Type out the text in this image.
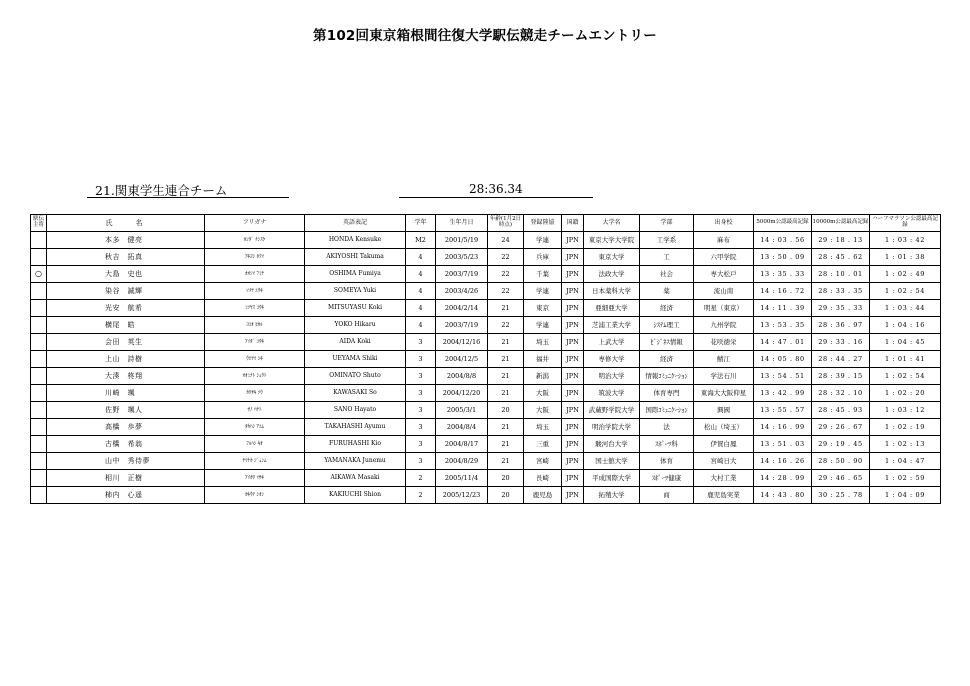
第102回東京箱根間往復大学駅伝競走チームエントリー
21.関東学生連合チーム	28:36.34
駅伝主将	氏　　名	フリガナ	英語表記	学年	生年月日	年齢(1月2日時点)	登録陸協	国籍	大学名	学部	出身校	5000m公認最高記録	10000m公認最高記録	ハーフマラソン公認最高記録
	本多　健亮	ﾎﾝﾀﾞ ｹﾝｽｹ	HONDA Kensuke	M2	2001/5/19	24	学連	JPN	東京大学大学院	工学系	麻布	14 : 03 . 56	29 : 18 . 13	1 : 03 : 42
	秋吉　拓真	ｱｷﾖｼ ﾀｸﾏ	AKIYOSHI Takuma	4	2003/5/23	22	兵庫	JPN	東京大学	工	六甲学院	13 : 50 . 09	28 : 45 . 62	1 : 01 : 38
○	大島　史也	ｵｵｼﾏ ﾌﾐﾔ	OSHIMA Fumiya	4	2003/7/19	22	千葉	JPN	法政大学	社会	専大松戸	13 : 35 . 33	28 : 10 . 01	1 : 02 : 49
	染谷　誠輝	ｿﾒﾔ ﾕｳｷ	SOMEYA Yuki	4	2003/4/26	22	学連	JPN	日本薬科大学	薬	流山南	14 : 16 . 72	28 : 33 . 35	1 : 02 : 54
	光安　航希	ﾐﾂﾔｽ ｺｳｷ	MITSUYASU Koki	4	2004/2/14	21	東京	JPN	亜細亜大学	経済	明星（東京）	14 : 11 . 39	29 : 35 . 33	1 : 03 : 44
	横尾　皓	ﾖｺｵ ﾋｶﾙ	YOKO Hikaru	4	2003/7/19	22	学連	JPN	芝浦工業大学	ｼｽﾃﾑ理工	九州学院	13 : 53 . 35	28 : 36 . 97	1 : 04 : 16
	会田　英生	ｱｲﾀﾞ ｺｳｷ	AIDA Koki	3	2004/12/16	21	埼玉	JPN	上武大学	ﾋﾞｼﾞﾈｽ情報	花咲徳栄	14 : 47 . 01	29 : 33 . 16	1 : 04 : 45
	上山　詩樹	ｳｴﾔﾏ ｼｷ	UEYAMA Shiki	3	2004/12/5	21	福井	JPN	専修大学	経済	鯖江	14 : 05 . 80	28 : 44 . 27	1 : 01 : 41
	大湊　柊翔	ｵｵﾐﾅﾄ ｼｭｳﾄ	OMINATO Shuto	3	2004/8/8	21	新潟	JPN	明治大学	情報ｺﾐｭﾆｹｰｼｮﾝ	学法石川	13 : 54 . 51	28 : 39 . 15	1 : 02 : 54
	川崎　颯	ｶﾜｻｷ ｿｳ	KAWASAKI So	3	2004/12/20	21	大阪	JPN	筑波大学	体育専門	東海大大阪仰星	13 : 42 . 99	28 : 32 . 10	1 : 02 : 20
	佐野　颯人	ｻﾉ ﾊﾔﾄ	SANO Hayato	3	2005/3/1	20	大阪	JPN	武蔵野学院大学	国際ｺﾐｭﾆｹｰｼｮﾝ	興國	13 : 55 . 57	28 : 45 . 93	1 : 03 : 12
	高橋　歩夢	ﾀｶﾊｼ ｱﾕﾑ	TAKAHASHI Ayumu	3	2004/8/4	21	埼玉	JPN	明治学院大学	法	松山（埼玉）	14 : 16 . 99	29 : 26 . 67	1 : 02 : 19
	古橋　希翁	ﾌﾙﾊｼ ｷｵ	FURUHASHI Kio	3	2004/8/17	21	三重	JPN	駿河台大学	ｽﾎﾟｰﾂ科	伊賀白鳳	13 : 51 . 03	29 : 19 . 45	1 : 02 : 13
	山中　秀侍夢	ﾔﾏﾅｶ ｼﾞｭﾝﾑ	YAMANAKA Junemu	3	2004/8/29	21	宮崎	JPN	国士舘大学	体育	宮崎日大	14 : 16 . 26	28 : 50 . 90	1 : 04 : 47
	相川　正樹	ｱｲｶﾜ ﾏｻｷ	AIKAWA Masaki	2	2005/11/4	20	長崎	JPN	平成国際大学	ｽﾎﾟｰﾂ健康	大村工業	14 : 28 . 99	29 : 46 . 65	1 : 02 : 59
	柿内　心遥	ｶｷｳﾁ ｼｵﾝ	KAKIUCHI Shion	2	2005/12/23	20	鹿児島	JPN	拓殖大学	商	鹿児島実業	14 : 43 . 80	30 : 25 . 78	1 : 04 : 09
